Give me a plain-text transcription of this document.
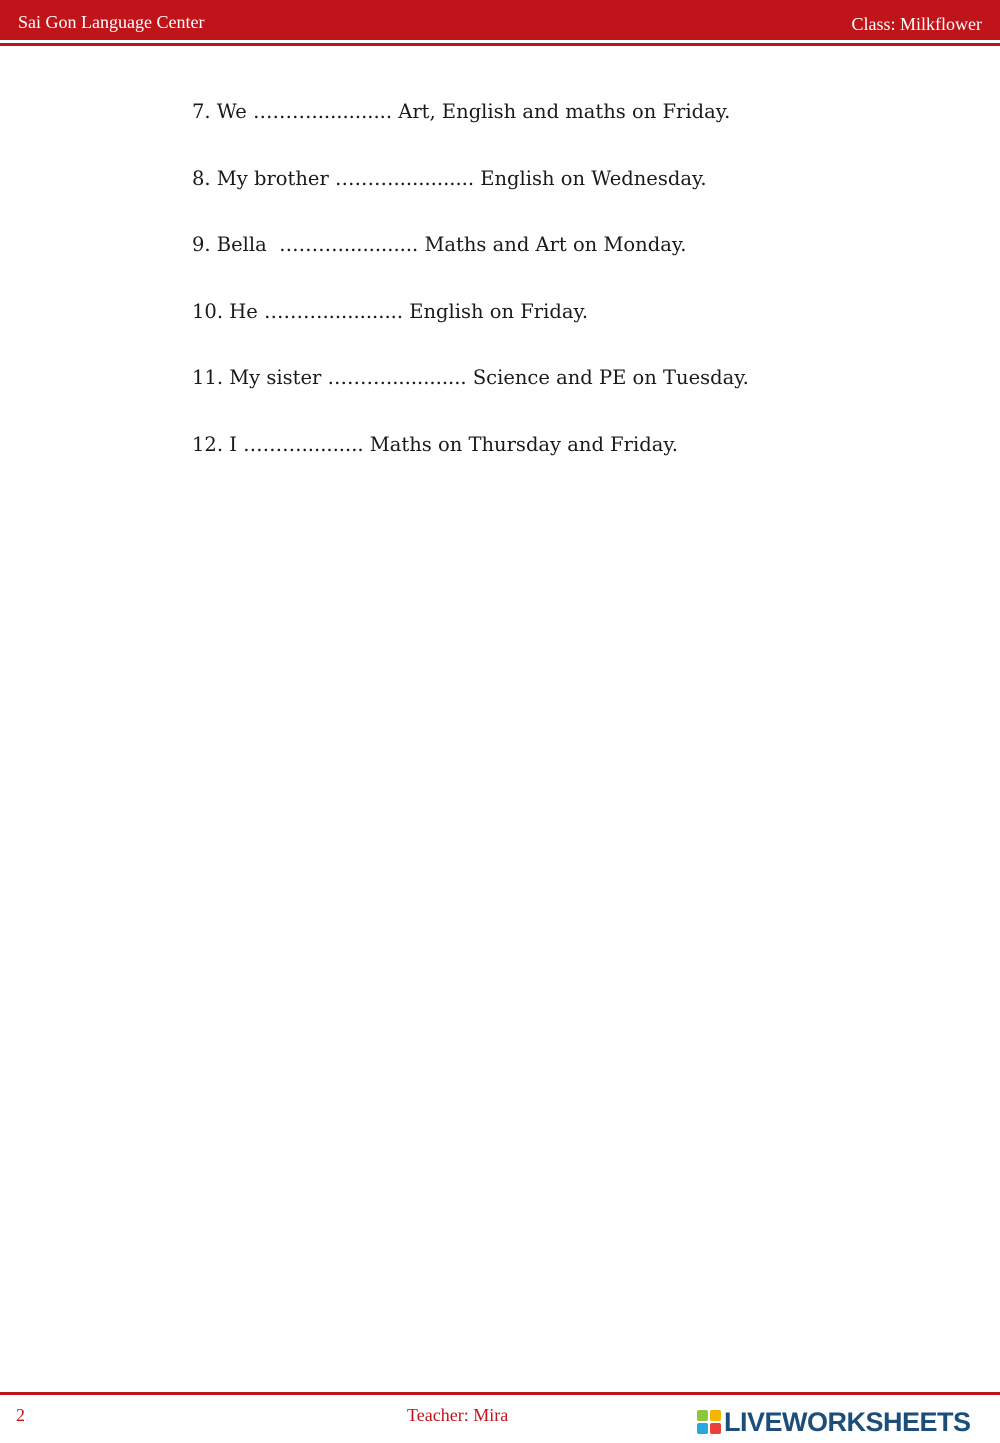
Sai Gon Language Center	Class: Milkflower
7. We ………............. Art, English and maths on Friday.
8. My brother ………............. English on Wednesday.
9. Bella  ………............. Maths and Art on Monday.
10. He ………............. English on Friday.
11. My sister ………............. Science and PE on Tuesday.
12. I ……….......... Maths on Thursday and Friday.
2	Teacher: Mira	LIVEWORKSHEETS
